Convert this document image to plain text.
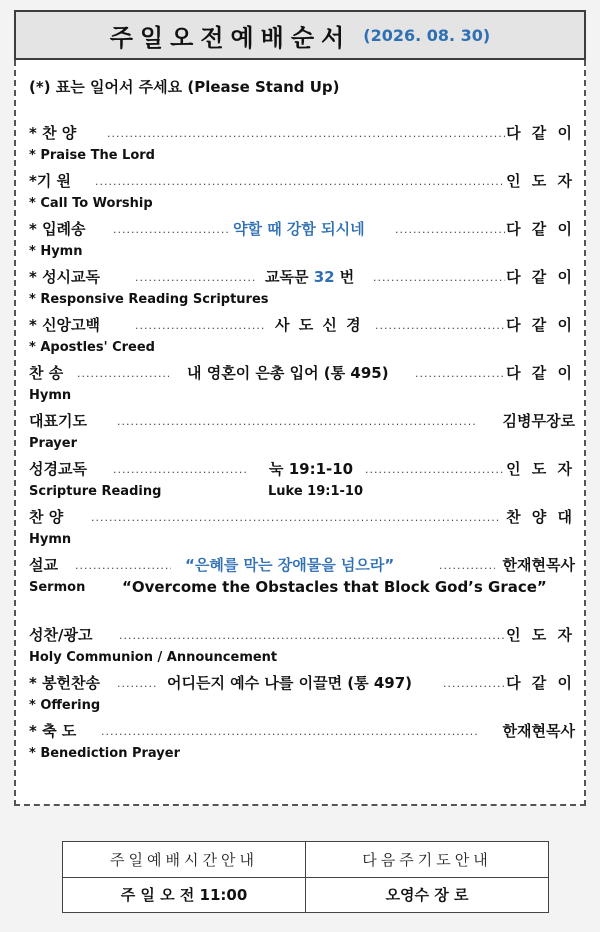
주일오전예배순서 (2026. 08. 30)
(*) 표는 일어서 주세요 (Please Stand Up)
* 찬 양 .....	다 같 이
* Praise The Lord
*기 원 .....	인 도 자
* Call To Worship
* 입례송 .....	약할 때 강함 되시네 .....	다 같 이
* Hymn
* 성시교독 .....	교독문 32 번 .....	다 같 이
* Responsive Reading Scriptures
* 신앙고백 .....	사 도 신 경 .....	다 같 이
* Apostles' Creed
찬 송 .....	내 영혼이 은총 입어 (통 495) .....	다 같 이
Hymn
대표기도 .....	김병무장로
Prayer
성경교독 .....	눅 19:1-10 .....	인 도 자
Scripture Reading	Luke 19:1-10
찬 양 .....	찬 양 대
Hymn
설교 .....	“은혜를 막는 장애물을 넘으라” .....	한재현목사
Sermon “Overcome the Obstacles that Block God’s Grace”
성찬/광고 .....	인 도 자
Holy Communion / Announcement
* 봉헌찬송 .....	어디든지 예수 나를 이끌면 (통 497) .....	다 같 이
* Offering
* 축 도 .....	한재현목사
* Benediction Prayer
주일예배시간안내	다음주기도안내
주 일 오 전 11:00	오영수 장 로
